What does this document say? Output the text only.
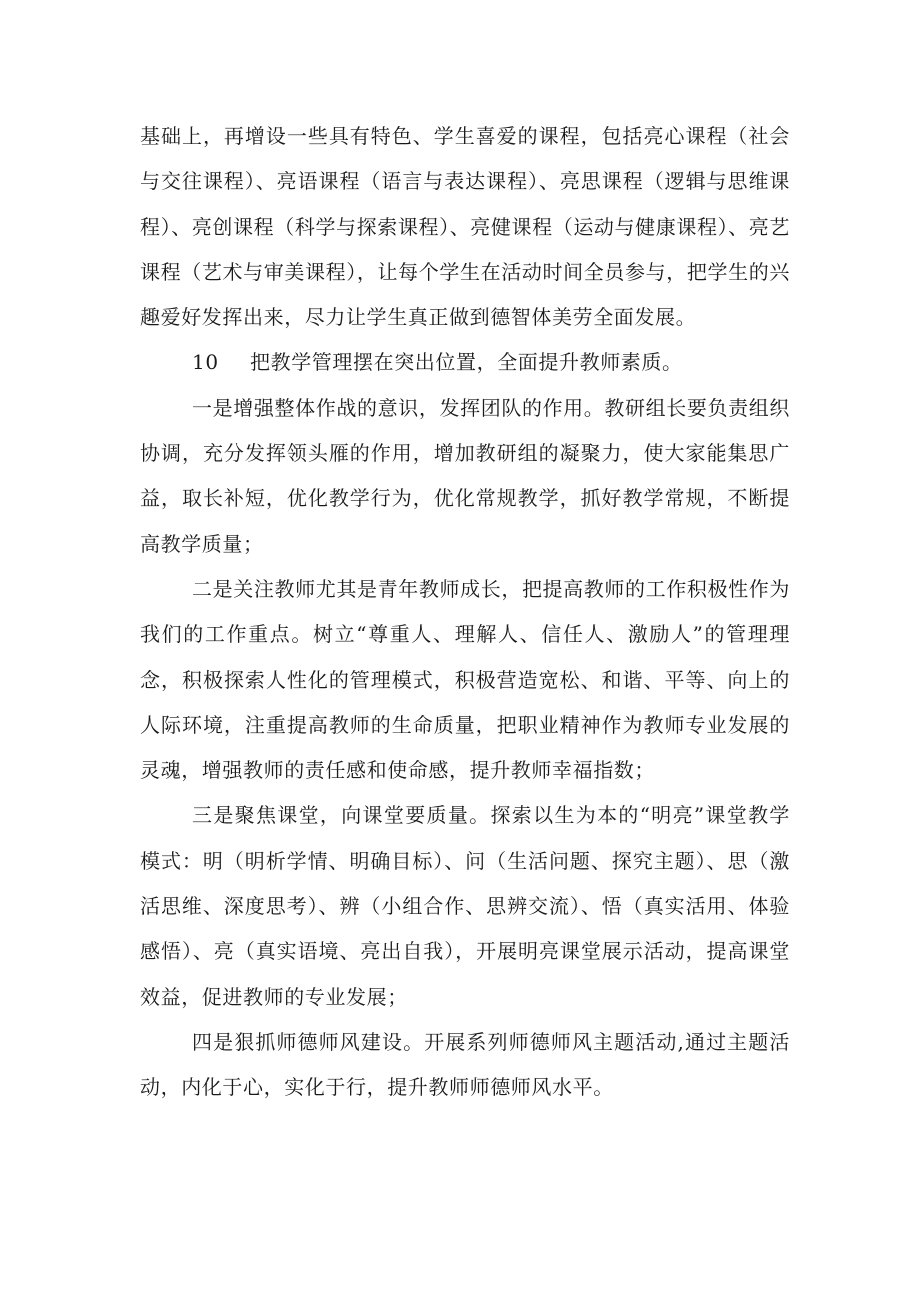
基础上，再增设一些具有特色、学生喜爱的课程，包括亮心课程（社会与交往课程）、亮语课程（语言与表达课程）、亮思课程（逻辑与思维课程）、亮创课程（科学与探索课程）、亮健课程（运动与健康课程）、亮艺课程（艺术与审美课程），让每个学生在活动时间全员参与，把学生的兴趣爱好发挥出来，尽力让学生真正做到德智体美劳全面发展。

10 把教学管理摆在突出位置，全面提升教师素质。

一是增强整体作战的意识，发挥团队的作用。教研组长要负责组织协调，充分发挥领头雁的作用，增加教研组的凝聚力，使大家能集思广益，取长补短，优化教学行为，优化常规教学，抓好教学常规，不断提高教学质量；

二是关注教师尤其是青年教师成长，把提高教师的工作积极性作为我们的工作重点。树立“尊重人、理解人、信任人、激励人”的管理理念，积极探索人性化的管理模式，积极营造宽松、和谐、平等、向上的人际环境，注重提高教师的生命质量，把职业精神作为教师专业发展的灵魂，增强教师的责任感和使命感，提升教师幸福指数；

三是聚焦课堂，向课堂要质量。探索以生为本的“明亮”课堂教学模式：明（明析学情、明确目标）、问（生活问题、探究主题）、思（激活思维、深度思考）、辨（小组合作、思辨交流）、悟（真实活用、体验感悟）、亮（真实语境、亮出自我），开展明亮课堂展示活动，提高课堂效益，促进教师的专业发展；

四是狠抓师德师风建设。开展系列师德师风主题活动,通过主题活动，内化于心，实化于行，提升教师师德师风水平。
